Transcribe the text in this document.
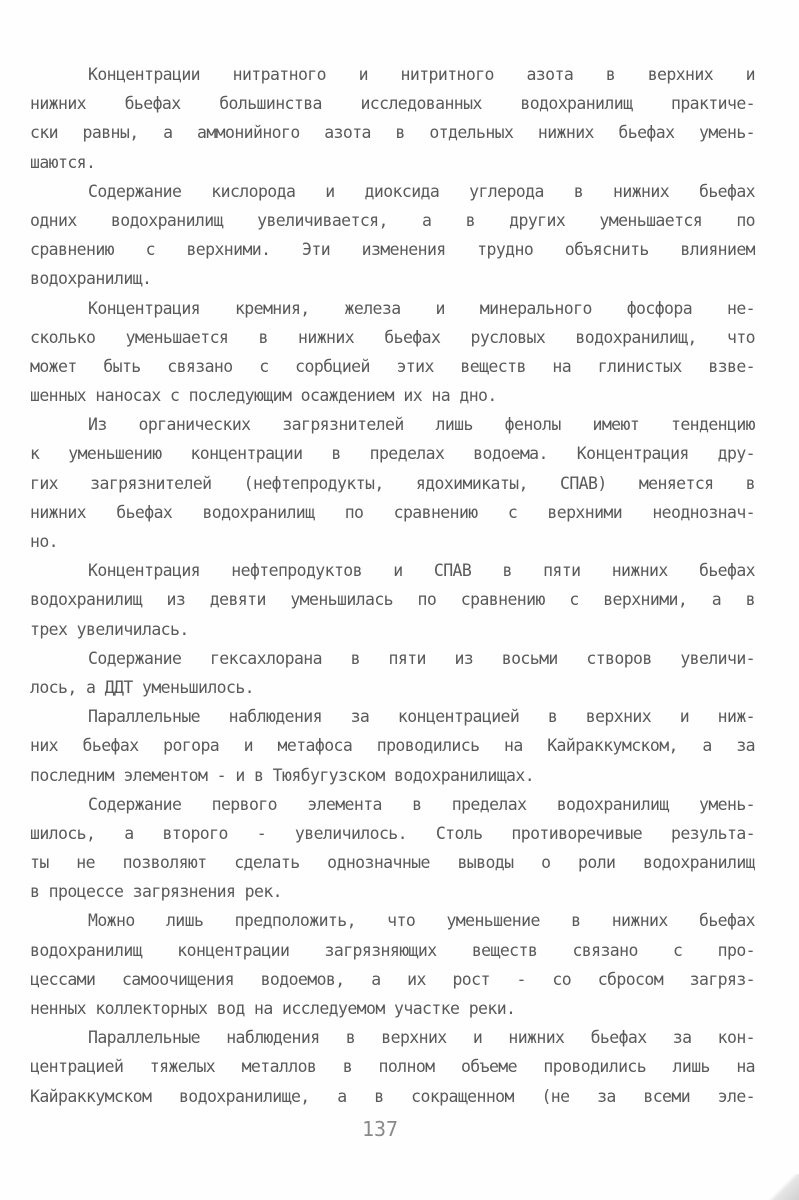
Концентрации нитратного и нитритного азота в верхних и
нижних бьефах большинства исследованных водохранилищ практиче-
ски равны, а аммонийного азота в отдельных нижних бьефах умень-
шаются.
Содержание кислорода и диоксида углерода в нижних бьефах
одних водохранилищ увеличивается, а в других уменьшается по
сравнению с верхними. Эти изменения трудно объяснить влиянием
водохранилищ.
Концентрация кремния, железа и минерального фосфора не-
сколько уменьшается в нижних бьефах русловых водохранилищ, что
может быть связано с сорбцией этих веществ на глинистых взве-
шенных наносах с последующим осаждением их на дно.
Из органических загрязнителей лишь фенолы имеют тенденцию
к уменьшению концентрации в пределах водоема. Концентрация дру-
гих загрязнителей (нефтепродукты, ядохимикаты, СПАВ) меняется в
нижних бьефах водохранилищ по сравнению с верхними неоднознач-
но.
Концентрация нефтепродуктов и СПАВ в пяти нижних бьефах
водохранилищ из девяти уменьшилась по сравнению с верхними, а в
трех увеличилась.
Содержание гексахлорана в пяти из восьми створов увеличи-
лось, а ДДТ уменьшилось.
Параллельные наблюдения за концентрацией в верхних и ниж-
них бьефах рогора и метафоса проводились на Кайраккумском, а за
последним элементом - и в Тюябугузском водохранилищах.
Содержание первого элемента в пределах водохранилищ умень-
шилось, а второго - увеличилось. Столь противоречивые результа-
ты не позволяют сделать однозначные выводы о роли водохранилищ
в процессе загрязнения рек.
Можно лишь предположить, что уменьшение в нижних бьефах
водохранилищ концентрации загрязняющих веществ связано с про-
цессами самоочищения водоемов, а их рост - со сбросом загряз-
ненных коллекторных вод на исследуемом участке реки.
Параллельные наблюдения в верхних и нижних бьефах за кон-
центрацией тяжелых металлов в полном объеме проводились лишь на
Кайраккумском водохранилище, а в сокращенном (не за всеми эле-
137
